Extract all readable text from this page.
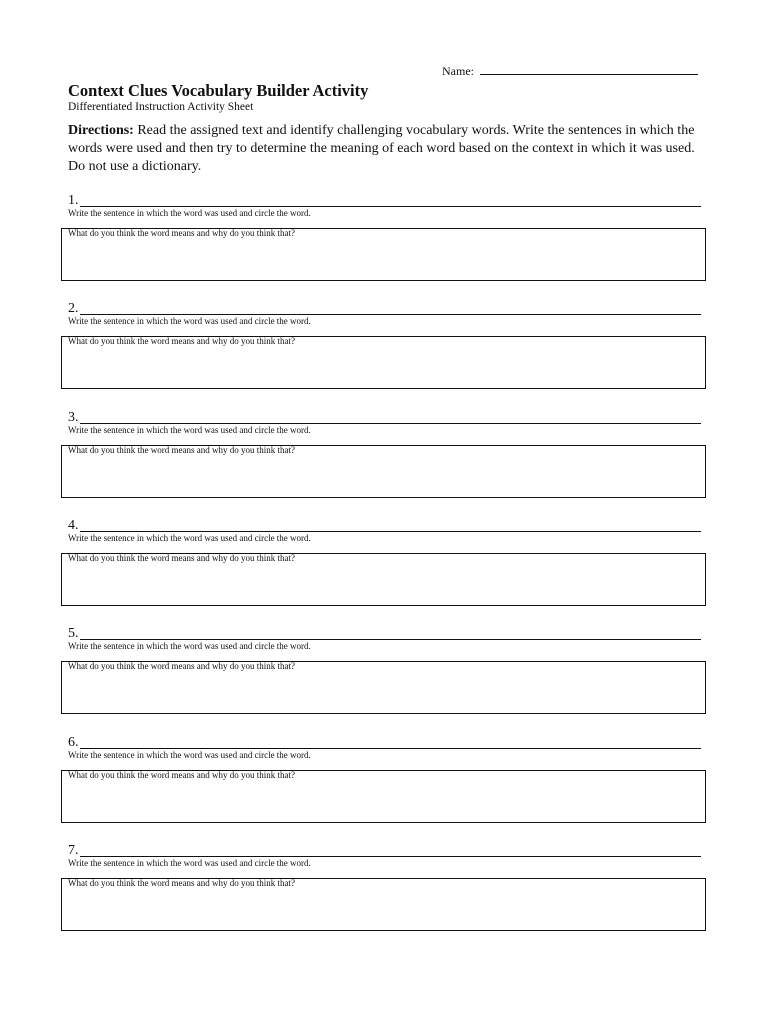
Name:
Context Clues Vocabulary Builder Activity
Differentiated Instruction Activity Sheet
Directions: Read the assigned text and identify challenging vocabulary words. Write the sentences in which the words were used and then try to determine the meaning of each word based on the context in which it was used. Do not use a dictionary.
1.
Write the sentence in which the word was used and circle the word.
What do you think the word means and why do you think that?
2.
Write the sentence in which the word was used and circle the word.
What do you think the word means and why do you think that?
3.
Write the sentence in which the word was used and circle the word.
What do you think the word means and why do you think that?
4.
Write the sentence in which the word was used and circle the word.
What do you think the word means and why do you think that?
5.
Write the sentence in which the word was used and circle the word.
What do you think the word means and why do you think that?
6.
Write the sentence in which the word was used and circle the word.
What do you think the word means and why do you think that?
7.
Write the sentence in which the word was used and circle the word.
What do you think the word means and why do you think that?
